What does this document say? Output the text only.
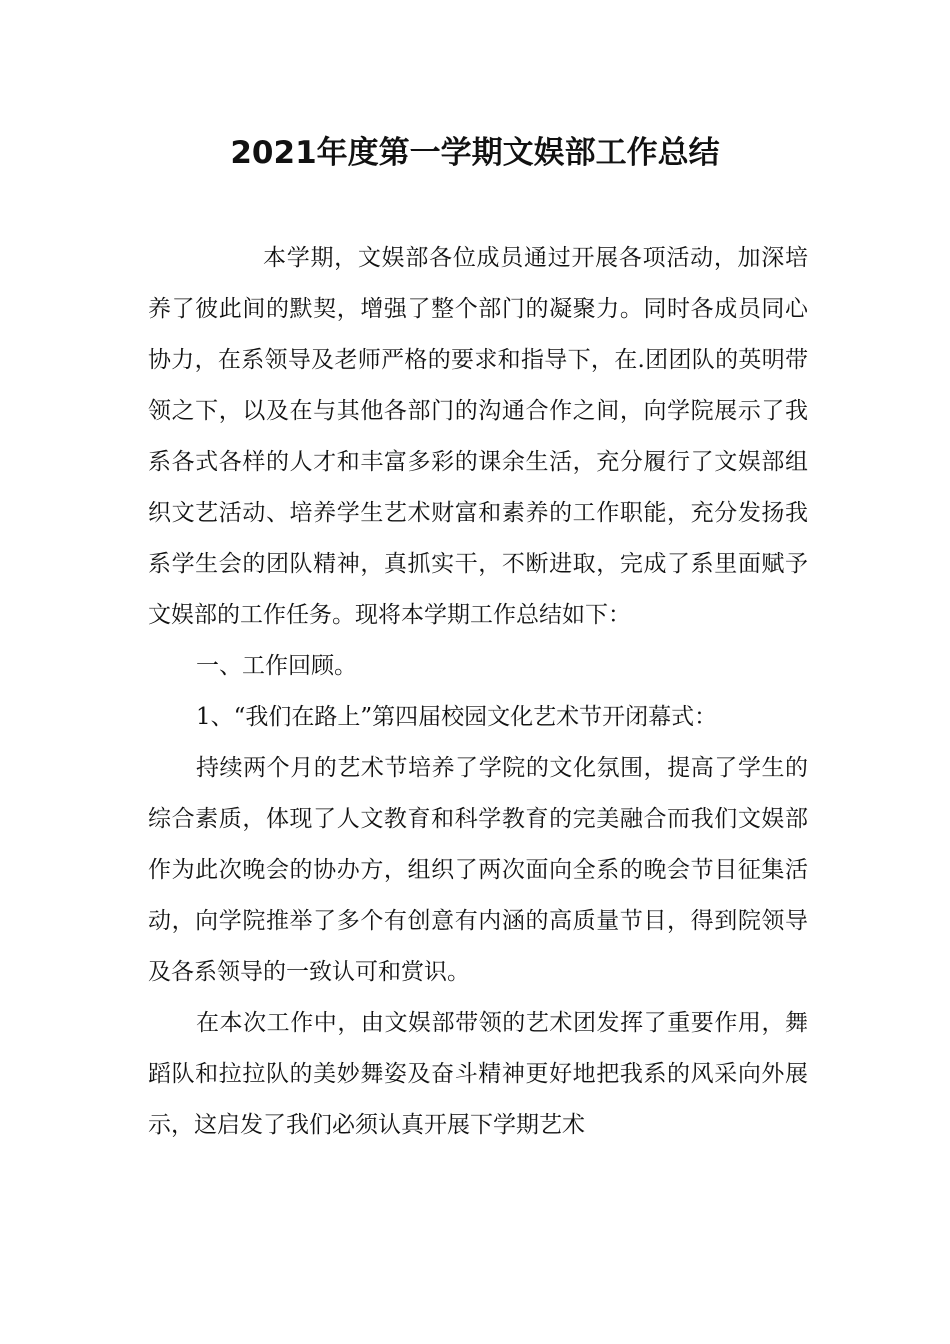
2021年度第一学期文娱部工作总结

本学期，文娱部各位成员通过开展各项活动，加深培养了彼此间的默契，增强了整个部门的凝聚力。同时各成员同心协力，在系领导及老师严格的要求和指导下，在.团团队的英明带领之下，以及在与其他各部门的沟通合作之间，向学院展示了我系各式各样的人才和丰富多彩的课余生活，充分履行了文娱部组织文艺活动、培养学生艺术财富和素养的工作职能，充分发扬我系学生会的团队精神，真抓实干，不断进取，完成了系里面赋予文娱部的工作任务。现将本学期工作总结如下：

一、工作回顾。

1、“我们在路上”第四届校园文化艺术节开闭幕式：

持续两个月的艺术节培养了学院的文化氛围，提高了学生的综合素质，体现了人文教育和科学教育的完美融合而我们文娱部作为此次晚会的协办方，组织了两次面向全系的晚会节目征集活动，向学院推举了多个有创意有内涵的高质量节目，得到院领导及各系领导的一致认可和赏识。

在本次工作中，由文娱部带领的艺术团发挥了重要作用，舞蹈队和拉拉队的美妙舞姿及奋斗精神更好地把我系的风采向外展示，这启发了我们必须认真开展下学期艺术
